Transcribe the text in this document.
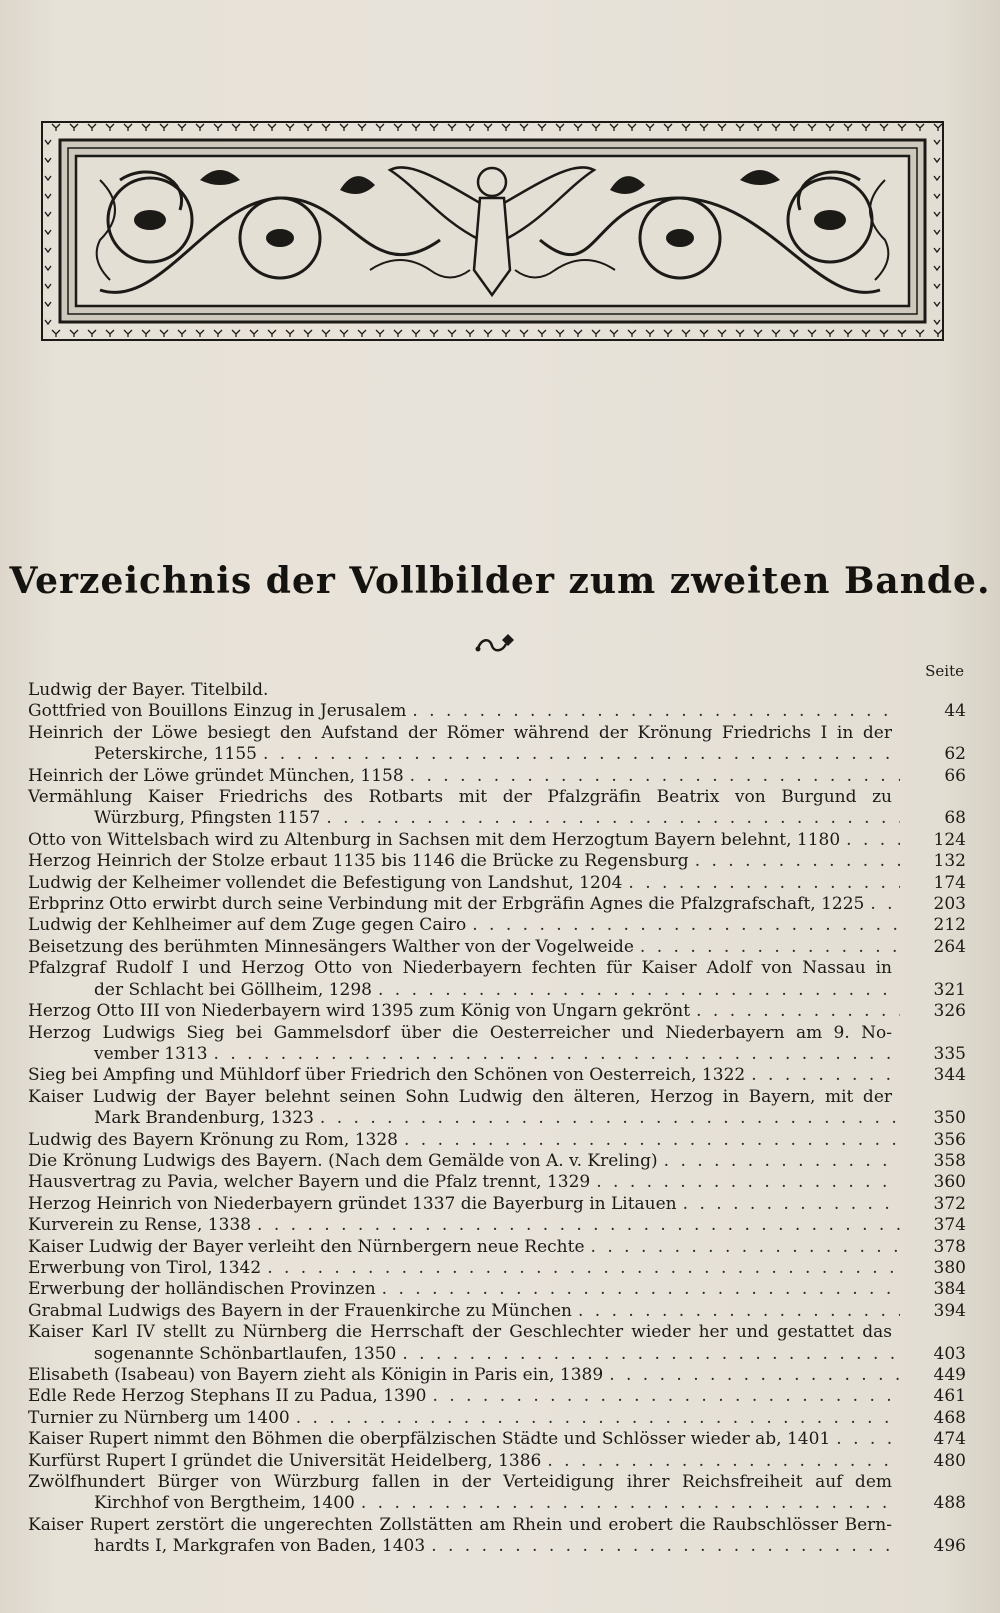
Verzeichnis der Vollbilder zum zweiten Bande.
Seite
Ludwig der Bayer. Titelbild.
Gottfried von Bouillons Einzug in Jerusalem . . .	44
Heinrich der Löwe besiegt den Aufstand der Römer während der Krönung Friedrichs I in der
Peterskirche, 1155 . . .	62
Heinrich der Löwe gründet München, 1158 . . .	66
Vermählung Kaiser Friedrichs des Rotbarts mit der Pfalzgräfin Beatrix von Burgund zu
Würzburg, Pfingsten 1157 . . .	68
Otto von Wittelsbach wird zu Altenburg in Sachsen mit dem Herzogtum Bayern belehnt, 1180 . . .	124
Herzog Heinrich der Stolze erbaut 1135 bis 1146 die Brücke zu Regensburg . . .	132
Ludwig der Kelheimer vollendet die Befestigung von Landshut, 1204 . . .	174
Erbprinz Otto erwirbt durch seine Verbindung mit der Erbgräfin Agnes die Pfalzgrafschaft, 1225 . . .	203
Ludwig der Kehlheimer auf dem Zuge gegen Cairo . . .	212
Beisetzung des berühmten Minnesängers Walther von der Vogelweide . . .	264
Pfalzgraf Rudolf I und Herzog Otto von Niederbayern fechten für Kaiser Adolf von Nassau in
der Schlacht bei Göllheim, 1298 . . .	321
Herzog Otto III von Niederbayern wird 1395 zum König von Ungarn gekrönt . . .	326
Herzog Ludwigs Sieg bei Gammelsdorf über die Oesterreicher und Niederbayern am 9. No-
vember 1313 . . .	335
Sieg bei Ampfing und Mühldorf über Friedrich den Schönen von Oesterreich, 1322 . . .	344
Kaiser Ludwig der Bayer belehnt seinen Sohn Ludwig den älteren, Herzog in Bayern, mit der
Mark Brandenburg, 1323 . . .	350
Ludwig des Bayern Krönung zu Rom, 1328 . . .	356
Die Krönung Ludwigs des Bayern. (Nach dem Gemälde von A. v. Kreling) . . .	358
Hausvertrag zu Pavia, welcher Bayern und die Pfalz trennt, 1329 . . .	360
Herzog Heinrich von Niederbayern gründet 1337 die Bayerburg in Litauen . . .	372
Kurverein zu Rense, 1338 . . .	374
Kaiser Ludwig der Bayer verleiht den Nürnbergern neue Rechte . . .	378
Erwerbung von Tirol, 1342 . . .	380
Erwerbung der holländischen Provinzen . . .	384
Grabmal Ludwigs des Bayern in der Frauenkirche zu München . . .	394
Kaiser Karl IV stellt zu Nürnberg die Herrschaft der Geschlechter wieder her und gestattet das
sogenannte Schönbartlaufen, 1350 . . .	403
Elisabeth (Isabeau) von Bayern zieht als Königin in Paris ein, 1389 . . .	449
Edle Rede Herzog Stephans II zu Padua, 1390 . . .	461
Turnier zu Nürnberg um 1400 . . .	468
Kaiser Rupert nimmt den Böhmen die oberpfälzischen Städte und Schlösser wieder ab, 1401 . . .	474
Kurfürst Rupert I gründet die Universität Heidelberg, 1386 . . .	480
Zwölfhundert Bürger von Würzburg fallen in der Verteidigung ihrer Reichsfreiheit auf dem
Kirchhof von Bergtheim, 1400 . . .	488
Kaiser Rupert zerstört die ungerechten Zollstätten am Rhein und erobert die Raubschlösser Bern-
hardts I, Markgrafen von Baden, 1403 . . .	496
